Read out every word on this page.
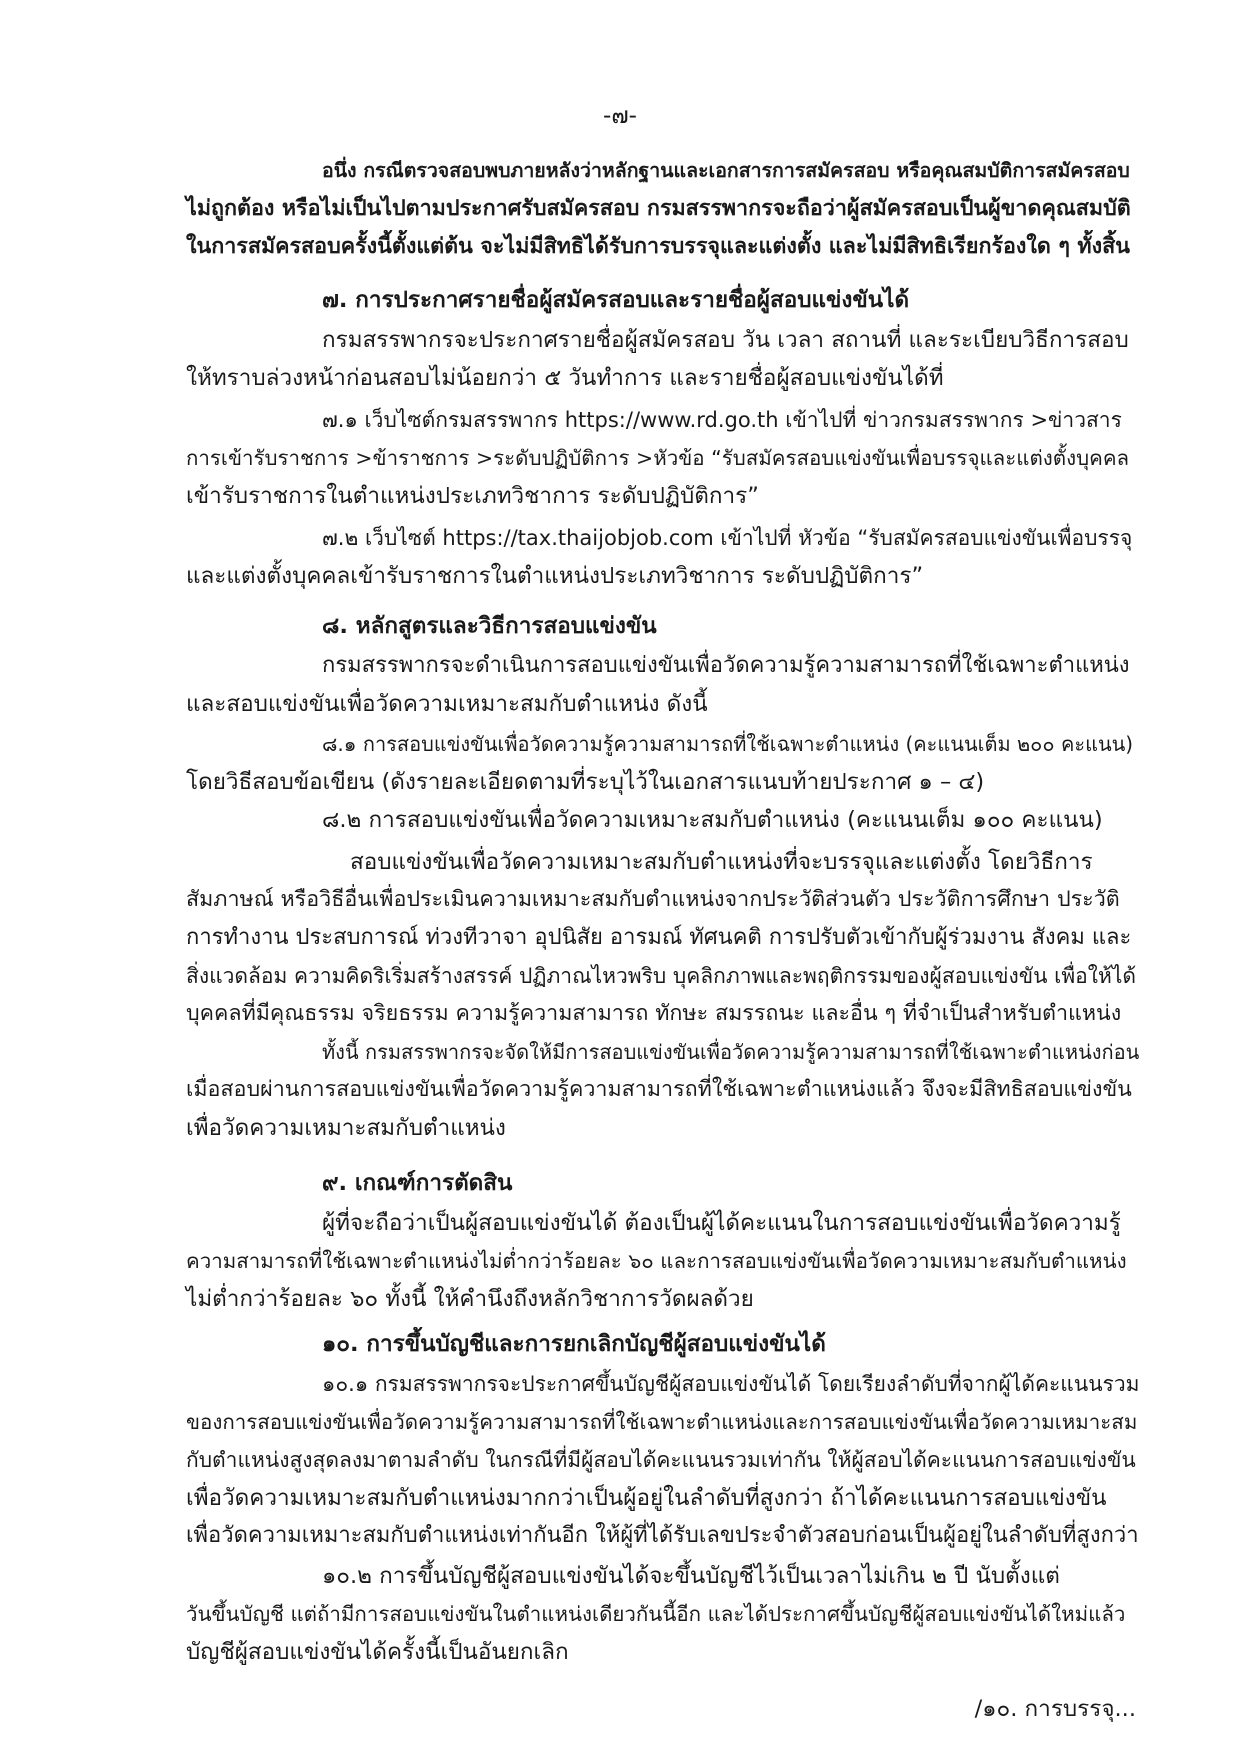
-๗-
อนึ่ง กรณีตรวจสอบพบภายหลังว่าหลักฐานและเอกสารการสมัครสอบ หรือคุณสมบัติการสมัครสอบ
ไม่ถูกต้อง หรือไม่เป็นไปตามประกาศรับสมัครสอบ กรมสรรพากรจะถือว่าผู้สมัครสอบเป็นผู้ขาดคุณสมบัติ
ในการสมัครสอบครั้งนี้ตั้งแต่ต้น จะไม่มีสิทธิได้รับการบรรจุและแต่งตั้ง และไม่มีสิทธิเรียกร้องใด ๆ ทั้งสิ้น
๗. การประกาศรายชื่อผู้สมัครสอบและรายชื่อผู้สอบแข่งขันได้
กรมสรรพากรจะประกาศรายชื่อผู้สมัครสอบ วัน เวลา สถานที่ และระเบียบวิธีการสอบ
ให้ทราบล่วงหน้าก่อนสอบไม่น้อยกว่า ๕ วันทำการ และรายชื่อผู้สอบแข่งขันได้ที่
๗.๑ เว็บไซต์กรมสรรพากร https://www.rd.go.th เข้าไปที่ ข่าวกรมสรรพากร >ข่าวสาร
การเข้ารับราชการ >ข้าราชการ >ระดับปฏิบัติการ >หัวข้อ “รับสมัครสอบแข่งขันเพื่อบรรจุและแต่งตั้งบุคคล
เข้ารับราชการในตำแหน่งประเภทวิชาการ ระดับปฏิบัติการ”
๗.๒ เว็บไซต์ https://tax.thaijobjob.com เข้าไปที่ หัวข้อ “รับสมัครสอบแข่งขันเพื่อบรรจุ
และแต่งตั้งบุคคลเข้ารับราชการในตำแหน่งประเภทวิชาการ ระดับปฏิบัติการ”
๘. หลักสูตรและวิธีการสอบแข่งขัน
กรมสรรพากรจะดำเนินการสอบแข่งขันเพื่อวัดความรู้ความสามารถที่ใช้เฉพาะตำแหน่ง
และสอบแข่งขันเพื่อวัดความเหมาะสมกับตำแหน่ง ดังนี้
๘.๑ การสอบแข่งขันเพื่อวัดความรู้ความสามารถที่ใช้เฉพาะตำแหน่ง (คะแนนเต็ม ๒๐๐ คะแนน)
โดยวิธีสอบข้อเขียน (ดังรายละเอียดตามที่ระบุไว้ในเอกสารแนบท้ายประกาศ ๑ – ๔)
๘.๒ การสอบแข่งขันเพื่อวัดความเหมาะสมกับตำแหน่ง (คะแนนเต็ม ๑๐๐ คะแนน)
สอบแข่งขันเพื่อวัดความเหมาะสมกับตำแหน่งที่จะบรรจุและแต่งตั้ง โดยวิธีการ
สัมภาษณ์ หรือวิธีอื่นเพื่อประเมินความเหมาะสมกับตำแหน่งจากประวัติส่วนตัว ประวัติการศึกษา ประวัติ
การทำงาน ประสบการณ์ ท่วงทีวาจา อุปนิสัย อารมณ์ ทัศนคติ การปรับตัวเข้ากับผู้ร่วมงาน สังคม และ
สิ่งแวดล้อม ความคิดริเริ่มสร้างสรรค์ ปฏิภาณไหวพริบ บุคลิกภาพและพฤติกรรมของผู้สอบแข่งขัน เพื่อให้ได้
บุคคลที่มีคุณธรรม จริยธรรม ความรู้ความสามารถ ทักษะ สมรรถนะ และอื่น ๆ ที่จำเป็นสำหรับตำแหน่ง
ทั้งนี้ กรมสรรพากรจะจัดให้มีการสอบแข่งขันเพื่อวัดความรู้ความสามารถที่ใช้เฉพาะตำแหน่งก่อน
เมื่อสอบผ่านการสอบแข่งขันเพื่อวัดความรู้ความสามารถที่ใช้เฉพาะตำแหน่งแล้ว จึงจะมีสิทธิสอบแข่งขัน
เพื่อวัดความเหมาะสมกับตำแหน่ง
๙. เกณฑ์การตัดสิน
ผู้ที่จะถือว่าเป็นผู้สอบแข่งขันได้ ต้องเป็นผู้ได้คะแนนในการสอบแข่งขันเพื่อวัดความรู้
ความสามารถที่ใช้เฉพาะตำแหน่งไม่ต่ำกว่าร้อยละ ๖๐ และการสอบแข่งขันเพื่อวัดความเหมาะสมกับตำแหน่ง
ไม่ต่ำกว่าร้อยละ ๖๐ ทั้งนี้ ให้คำนึงถึงหลักวิชาการวัดผลด้วย
๑๐. การขึ้นบัญชีและการยกเลิกบัญชีผู้สอบแข่งขันได้
๑๐.๑ กรมสรรพากรจะประกาศขึ้นบัญชีผู้สอบแข่งขันได้ โดยเรียงลำดับที่จากผู้ได้คะแนนรวม
ของการสอบแข่งขันเพื่อวัดความรู้ความสามารถที่ใช้เฉพาะตำแหน่งและการสอบแข่งขันเพื่อวัดความเหมาะสม
กับตำแหน่งสูงสุดลงมาตามลำดับ ในกรณีที่มีผู้สอบได้คะแนนรวมเท่ากัน ให้ผู้สอบได้คะแนนการสอบแข่งขัน
เพื่อวัดความเหมาะสมกับตำแหน่งมากกว่าเป็นผู้อยู่ในลำดับที่สูงกว่า ถ้าได้คะแนนการสอบแข่งขัน
เพื่อวัดความเหมาะสมกับตำแหน่งเท่ากันอีก ให้ผู้ที่ได้รับเลขประจำตัวสอบก่อนเป็นผู้อยู่ในลำดับที่สูงกว่า
๑๐.๒ การขึ้นบัญชีผู้สอบแข่งขันได้จะขึ้นบัญชีไว้เป็นเวลาไม่เกิน ๒ ปี นับตั้งแต่
วันขึ้นบัญชี แต่ถ้ามีการสอบแข่งขันในตำแหน่งเดียวกันนี้อีก และได้ประกาศขึ้นบัญชีผู้สอบแข่งขันได้ใหม่แล้ว
บัญชีผู้สอบแข่งขันได้ครั้งนี้เป็นอันยกเลิก
/๑๐. การบรรจุ...
